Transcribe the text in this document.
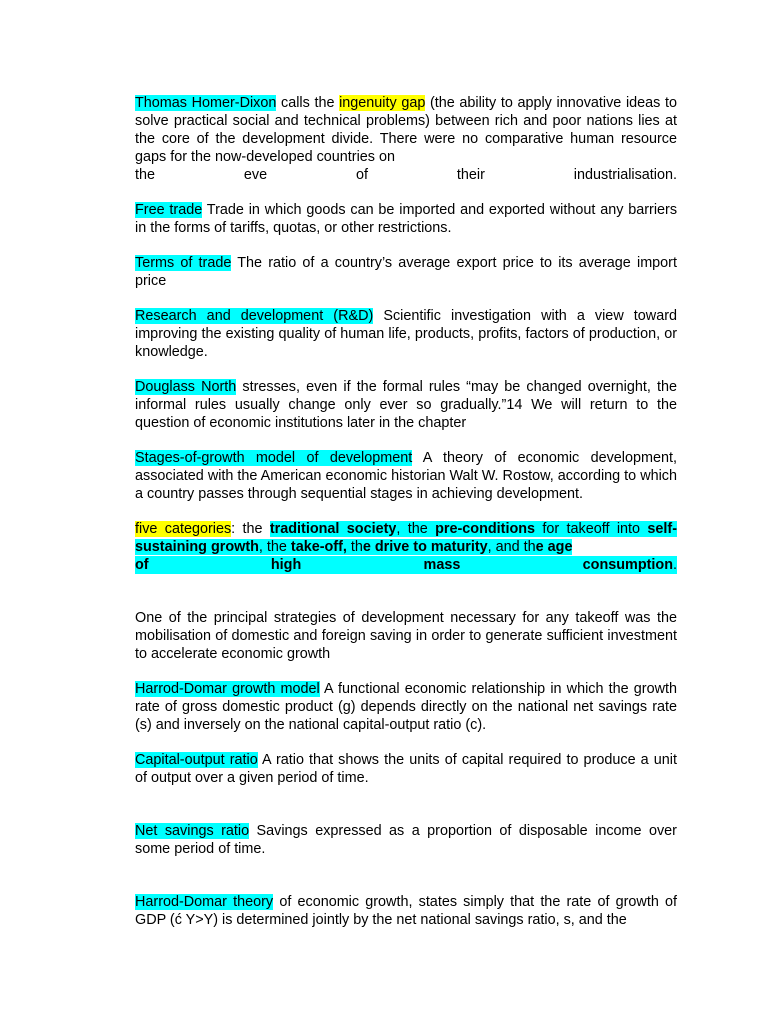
Thomas Homer-Dixon calls the ingenuity gap (the ability to apply innovative ideas to solve practical social and technical problems) between rich and poor nations lies at the core of the development divide. There were no comparative human resource gaps for the now-developed countries on

the eve of their industrialisation.

Free trade Trade in which goods can be imported and exported without any barriers in the forms of tariffs, quotas, or other restrictions.

Terms of trade The ratio of a country’s average export price to its average import price

Research and development (R&D) Scientific investigation with a view toward improving the existing quality of human life, products, profits, factors of production, or knowledge.

Douglass North stresses, even if the formal rules “may be changed overnight, the informal rules usually change only ever so gradually.”14 We will return to the question of economic institutions later in the chapter

Stages-of-growth model of development A theory of economic development, associated with the American economic historian Walt W. Rostow, according to which a country passes through sequential stages in achieving development.

five categories: the traditional society, the pre-conditions for takeoff into self-sustaining growth, the take-off, the drive to maturity, and the age

of high mass consumption.

One of the principal strategies of development necessary for any takeoff was the mobilisation of domestic and foreign saving in order to generate sufficient investment to accelerate economic growth

Harrod-Domar growth model A functional economic relationship in which the growth rate of gross domestic product (g) depends directly on the national net savings rate (s) and inversely on the national capital-output ratio (c).

Capital-output ratio A ratio that shows the units of capital required to produce a unit of output over a given period of time.

Net savings ratio Savings expressed as a proportion of disposable income over some period of time.

Harrod-Domar theory of economic growth, states simply that the rate of growth of GDP (ć Y>Y) is determined jointly by the net national savings ratio, s, and the
